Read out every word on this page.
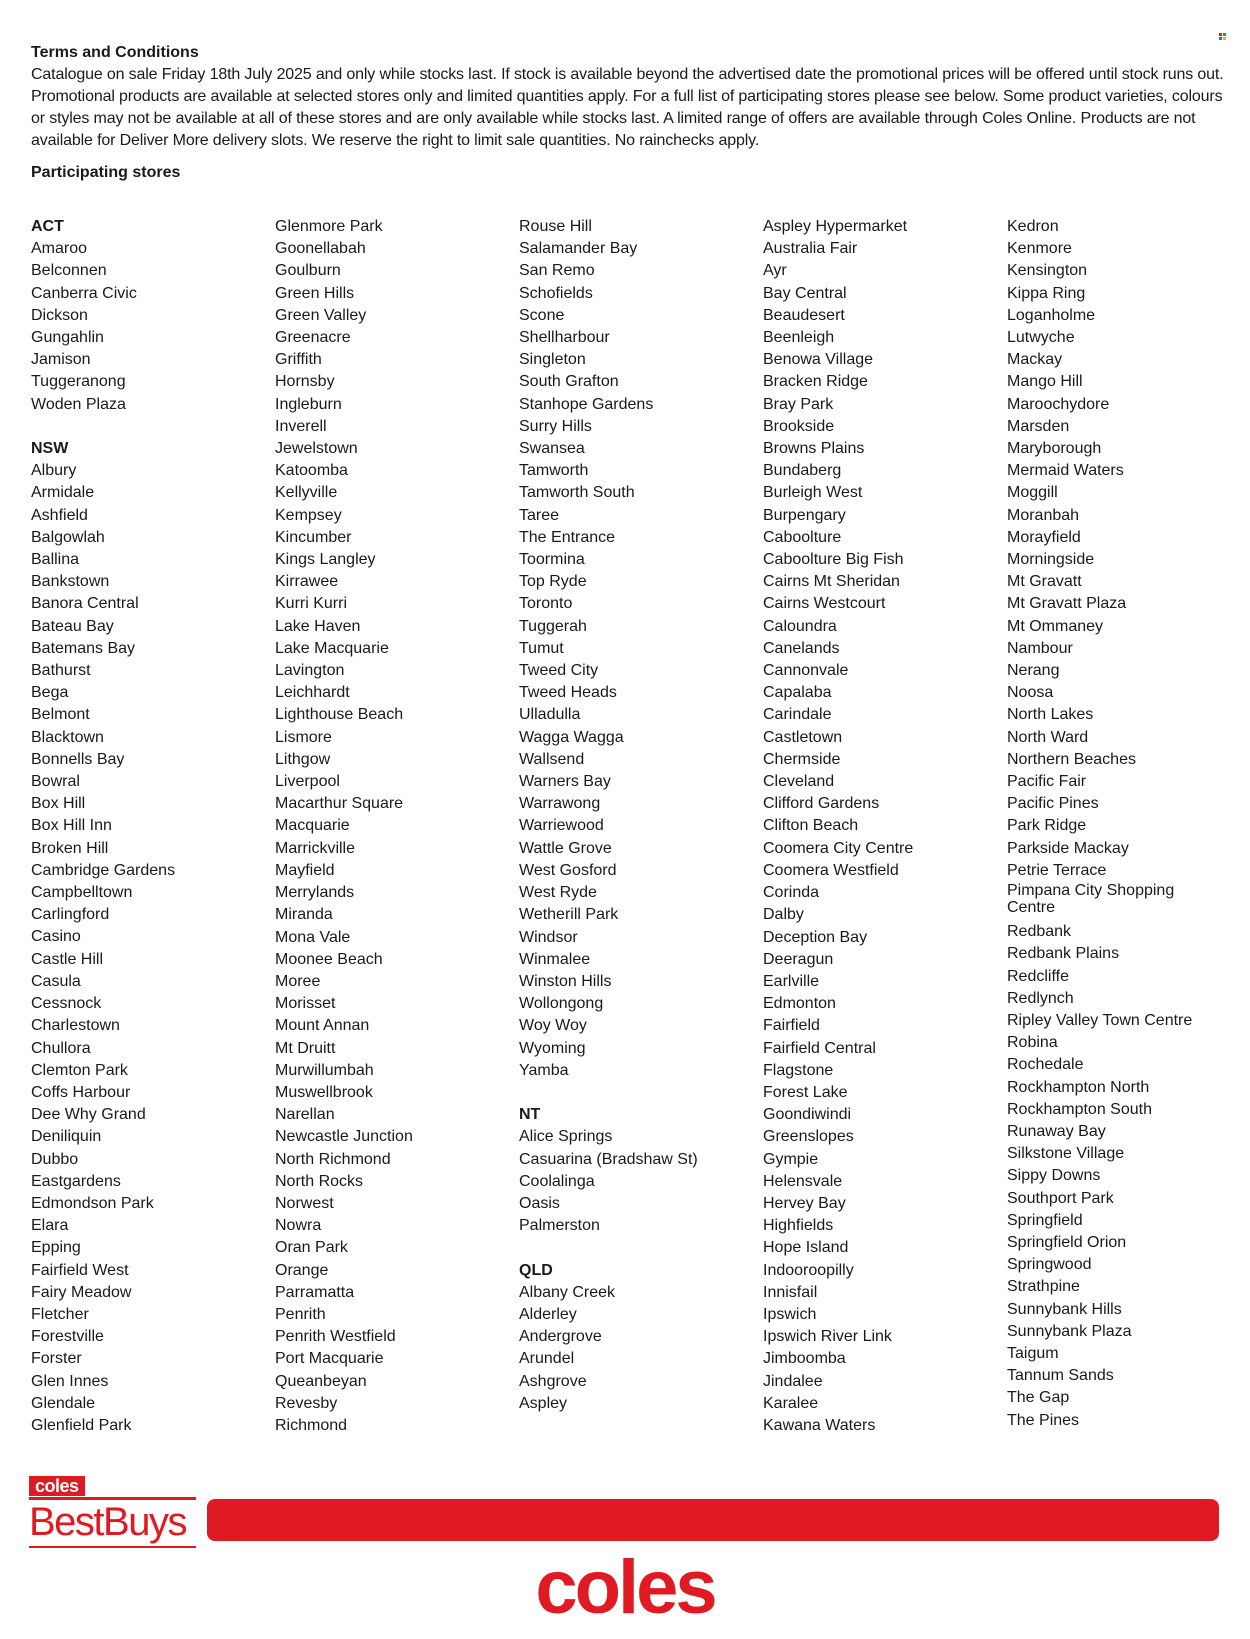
Terms and Conditions

Catalogue on sale Friday 18th July 2025 and only while stocks last. If stock is available beyond the advertised date the promotional prices will be offered until stock runs out. Promotional products are available at selected stores only and limited quantities apply. For a full list of participating stores please see below. Some product varieties, colours or styles may not be available at all of these stores and are only available while stocks last. A limited range of offers are available through Coles Online. Products are not available for Deliver More delivery slots. We reserve the right to limit sale quantities. No rainchecks apply.

Participating stores

ACT
Amaroo
Belconnen
Canberra Civic
Dickson
Gungahlin
Jamison
Tuggeranong
Woden Plaza
NSW
Albury
Armidale
Ashfield
Balgowlah
Ballina
Bankstown
Banora Central
Bateau Bay
Batemans Bay
Bathurst
Bega
Belmont
Blacktown
Bonnells Bay
Bowral
Box Hill
Box Hill Inn
Broken Hill
Cambridge Gardens
Campbelltown
Carlingford
Casino
Castle Hill
Casula
Cessnock
Charlestown
Chullora
Clemton Park
Coffs Harbour
Dee Why Grand
Deniliquin
Dubbo
Eastgardens
Edmondson Park
Elara
Epping
Fairfield West
Fairy Meadow
Fletcher
Forestville
Forster
Glen Innes
Glendale
Glenfield Park
Glenmore Park
Goonellabah
Goulburn
Green Hills
Green Valley
Greenacre
Griffith
Hornsby
Ingleburn
Inverell
Jewelstown
Katoomba
Kellyville
Kempsey
Kincumber
Kings Langley
Kirrawee
Kurri Kurri
Lake Haven
Lake Macquarie
Lavington
Leichhardt
Lighthouse Beach
Lismore
Lithgow
Liverpool
Macarthur Square
Macquarie
Marrickville
Mayfield
Merrylands
Miranda
Mona Vale
Moonee Beach
Moree
Morisset
Mount Annan
Mt Druitt
Murwillumbah
Muswellbrook
Narellan
Newcastle Junction
North Richmond
North Rocks
Norwest
Nowra
Oran Park
Orange
Parramatta
Penrith
Penrith Westfield
Port Macquarie
Queanbeyan
Revesby
Richmond
Rouse Hill
Salamander Bay
San Remo
Schofields
Scone
Shellharbour
Singleton
South Grafton
Stanhope Gardens
Surry Hills
Swansea
Tamworth
Tamworth South
Taree
The Entrance
Toormina
Top Ryde
Toronto
Tuggerah
Tumut
Tweed City
Tweed Heads
Ulladulla
Wagga Wagga
Wallsend
Warners Bay
Warrawong
Warriewood
Wattle Grove
West Gosford
West Ryde
Wetherill Park
Windsor
Winmalee
Winston Hills
Wollongong
Woy Woy
Wyoming
Yamba
NT
Alice Springs
Casuarina (Bradshaw St)
Coolalinga
Oasis
Palmerston
QLD
Albany Creek
Alderley
Andergrove
Arundel
Ashgrove
Aspley
Aspley Hypermarket
Australia Fair
Ayr
Bay Central
Beaudesert
Beenleigh
Benowa Village
Bracken Ridge
Bray Park
Brookside
Browns Plains
Bundaberg
Burleigh West
Burpengary
Caboolture
Caboolture Big Fish
Cairns Mt Sheridan
Cairns Westcourt
Caloundra
Canelands
Cannonvale
Capalaba
Carindale
Castletown
Chermside
Cleveland
Clifford Gardens
Clifton Beach
Coomera City Centre
Coomera Westfield
Corinda
Dalby
Deception Bay
Deeragun
Earlville
Edmonton
Fairfield
Fairfield Central
Flagstone
Forest Lake
Goondiwindi
Greenslopes
Gympie
Helensvale
Hervey Bay
Highfields
Hope Island
Indooroopilly
Innisfail
Ipswich
Ipswich River Link
Jimboomba
Jindalee
Karalee
Kawana Waters
Kedron
Kenmore
Kensington
Kippa Ring
Loganholme
Lutwyche
Mackay
Mango Hill
Maroochydore
Marsden
Maryborough
Mermaid Waters
Moggill
Moranbah
Morayfield
Morningside
Mt Gravatt
Mt Gravatt Plaza
Mt Ommaney
Nambour
Nerang
Noosa
North Lakes
North Ward
Northern Beaches
Pacific Fair
Pacific Pines
Park Ridge
Parkside Mackay
Petrie Terrace
Pimpana City Shopping Centre
Redbank
Redbank Plains
Redcliffe
Redlynch
Ripley Valley Town Centre
Robina
Rochedale
Rockhampton North
Rockhampton South
Runaway Bay
Silkstone Village
Sippy Downs
Southport Park
Springfield
Springfield Orion
Springwood
Strathpine
Sunnybank Hills
Sunnybank Plaza
Taigum
Tannum Sands
The Gap
The Pines
coles
BestBuys
coles
